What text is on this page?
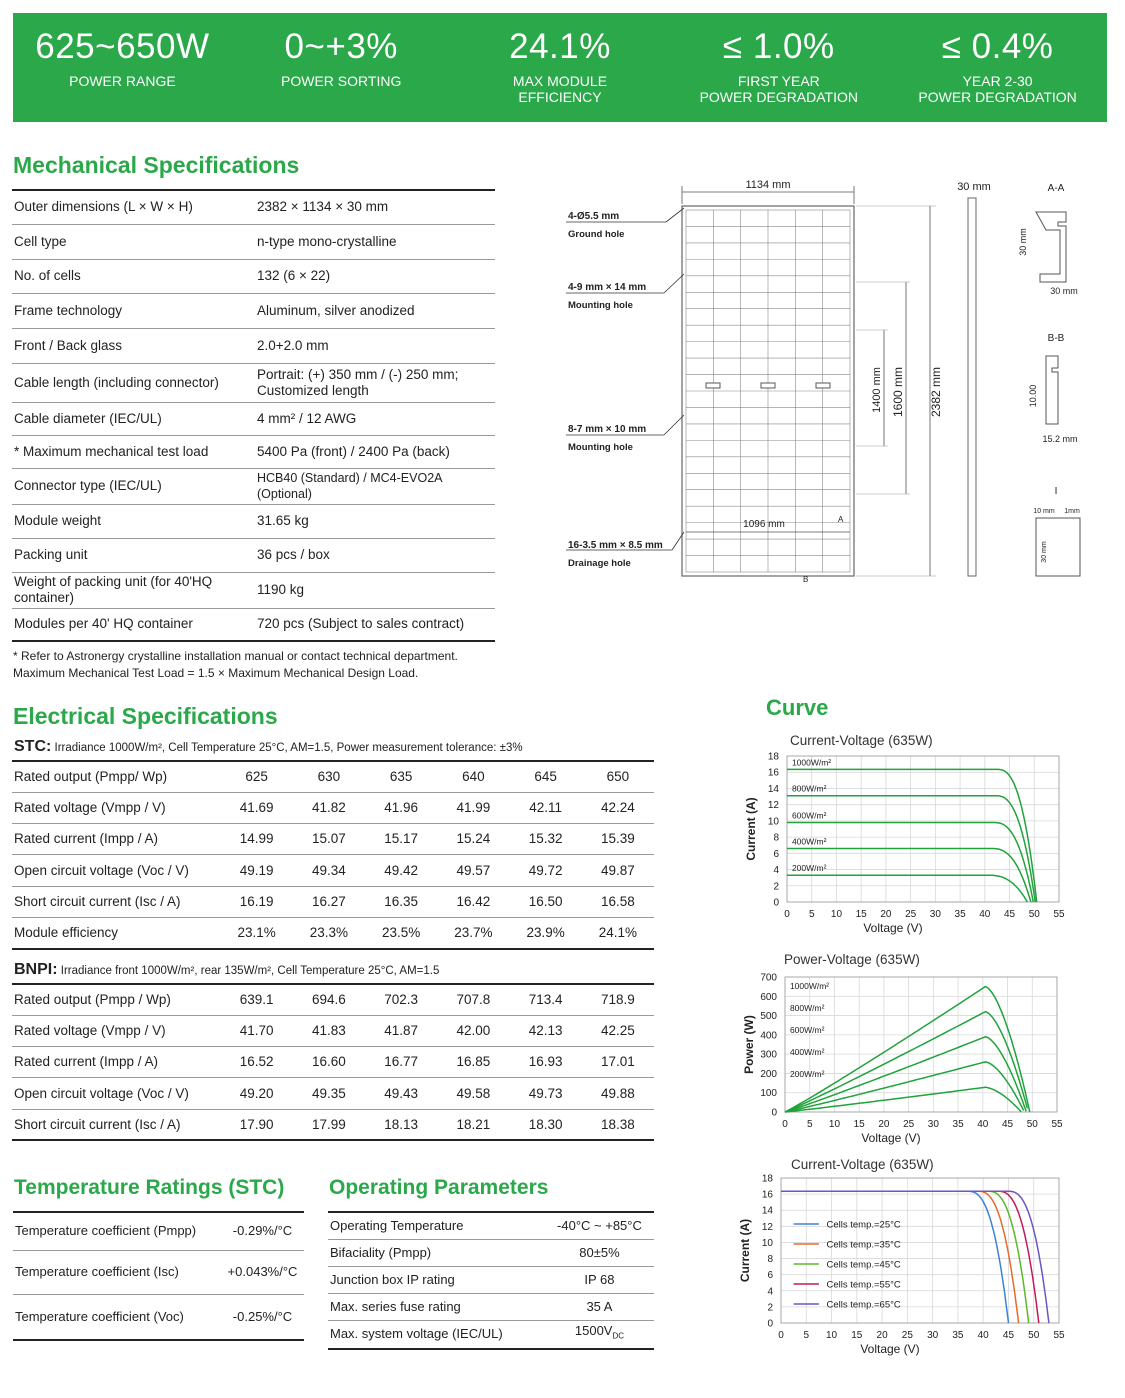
625~650W
POWER RANGE
0~+3%
POWER SORTING
24.1%
MAX MODULE
EFFICIENCY
≤ 1.0%
FIRST YEAR
POWER DEGRADATION
≤ 0.4%
YEAR 2-30
POWER DEGRADATION
Mechanical Specifications
Outer dimensions (L × W × H)	2382 × 1134 × 30 mm
Cell type	n-type mono-crystalline
No. of cells	132 (6 × 22)
Frame technology	Aluminum, silver anodized
Front / Back glass	2.0+2.0 mm
Cable length (including connector)	Portrait: (+) 350 mm / (-) 250 mm;
Customized length
Cable diameter (IEC/UL)	4 mm² / 12 AWG
* Maximum mechanical test load	5400 Pa (front) / 2400 Pa (back)
Connector type (IEC/UL)	HCB40 (Standard) / MC4-EVO2A (Optional)
Module weight	31.65 kg
Packing unit	36 pcs / box
Weight of packing unit (for 40'HQ container)	1190 kg
Modules per 40' HQ container	720 pcs (Subject to sales contract)
* Refer to Astronergy crystalline installation manual or contact technical department.
Maximum Mechanical Test Load = 1.5 × Maximum Mechanical Design Load.
1134 mm
2382 mm
1600 mm
1400 mm
1096 mm	A
B
4-Ø5.5 mm
Ground hole
4-9 mm × 14 mm
Mounting hole
8-7 mm × 10 mm
Mounting hole
16-3.5 mm × 8.5 mm
Drainage hole
30 mm	A-A
30 mm
30 mm
B-B
10.00
15.2 mm
I
10 mm 1mm
30 mm
Electrical Specifications
STC: Irradiance 1000W/m², Cell Temperature 25°C, AM=1.5, Power measurement tolerance: ±3%
Rated output (Pmpp/ Wp)	625	630	635	640	645	650
Rated voltage (Vmpp / V)	41.69	41.82	41.96	41.99	42.11	42.24
Rated current (Impp / A)	14.99	15.07	15.17	15.24	15.32	15.39
Open circuit voltage (Voc / V)	49.19	49.34	49.42	49.57	49.72	49.87
Short circuit current (Isc / A)	16.19	16.27	16.35	16.42	16.50	16.58
Module efficiency	23.1%	23.3%	23.5%	23.7%	23.9%	24.1%
BNPI: Irradiance front 1000W/m², rear 135W/m², Cell Temperature 25°C, AM=1.5
Rated output (Pmpp / Wp)	639.1	694.6	702.3	707.8	713.4	718.9
Rated voltage (Vmpp / V)	41.70	41.83	41.87	42.00	42.13	42.25
Rated current (Impp / A)	16.52	16.60	16.77	16.85	16.93	17.01
Open circuit voltage (Voc / V)	49.20	49.35	49.43	49.58	49.73	49.88
Short circuit current (Isc / A)	17.90	17.99	18.13	18.21	18.30	18.38
Temperature Ratings (STC)
Temperature coefficient (Pmpp)	-0.29%/°C
Temperature coefficient (Isc)	+0.043%/°C
Temperature coefficient (Voc)	-0.25%/°C
Operating Parameters
Operating Temperature	-40°C ~ +85°C
Bifaciality (Pmpp)	80±5%
Junction box IP rating	IP 68
Max. series fuse rating	35 A
Max. system voltage (IEC/UL)	$1500V_{DC}$
Curve
Current-Voltage (635W)
0
2
4
6
8
10
12
14
16
18
0 5 10 15 20 25 30 35 40 45 50 55
Voltage (V)
Current (A)
1000W/m²
800W/m²
600W/m²
400W/m²
200W/m²
Power-Voltage (635W)
0
100
200
300
400
500
600
700
0 5 10 15 20 25 30 35 40 45 50 55
Voltage (V)
Power (W)
1000W/m²
800W/m²
600W/m²
400W/m²
200W/m²
Current-Voltage (635W)
0
2
4
6
8
10
12
14
16
18
0 5 10 15 20 25 30 35 40 45 50 55
Voltage (V)
Current (A)	Cells temp.=25°C
Cells temp.=35°C
Cells temp.=45°C
Cells temp.=55°C
Cells temp.=65°C
